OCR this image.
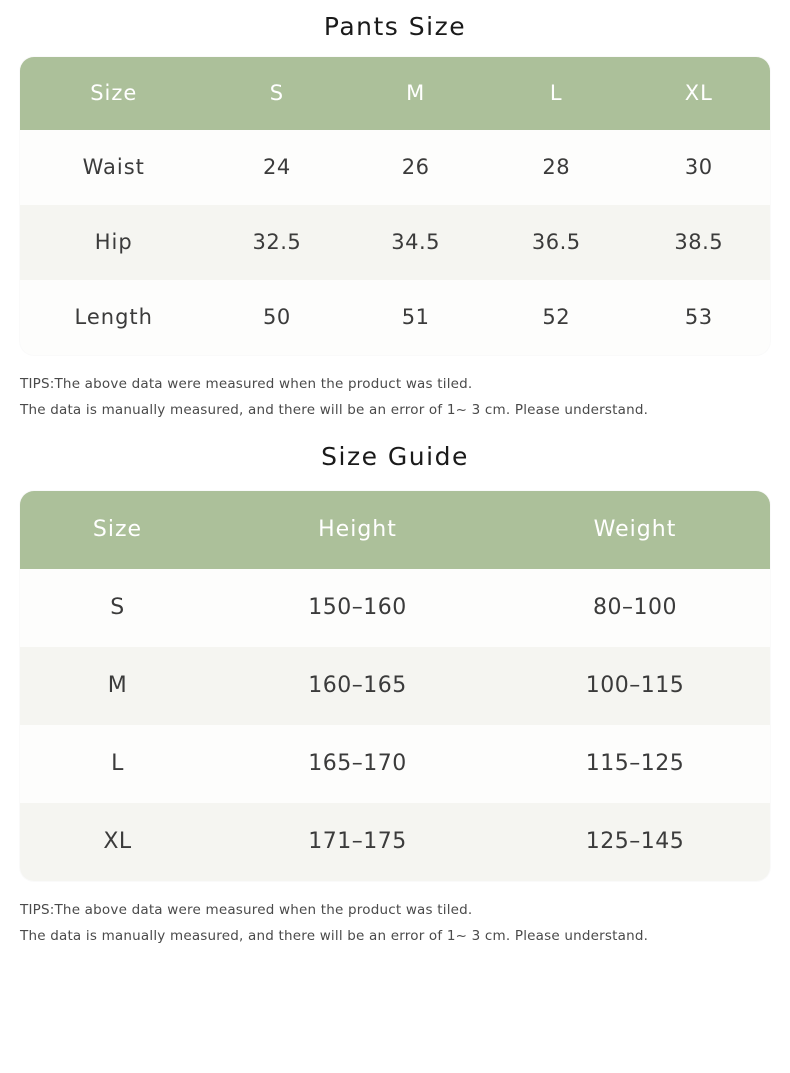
Pants Size
Size	S	M	L	XL
Waist	24	26	28	30
Hip	32.5	34.5	36.5	38.5
Length	50	51	52	53
TIPS:The above data were measured when the product was tiled.
The data is manually measured, and there will be an error of 1~ 3 cm. Please understand.
Size Guide
Size	Height	Weight
S	150–160	80–100
M	160–165	100–115
L	165–170	115–125
XL	171–175	125–145
TIPS:The above data were measured when the product was tiled.
The data is manually measured, and there will be an error of 1~ 3 cm. Please understand.
